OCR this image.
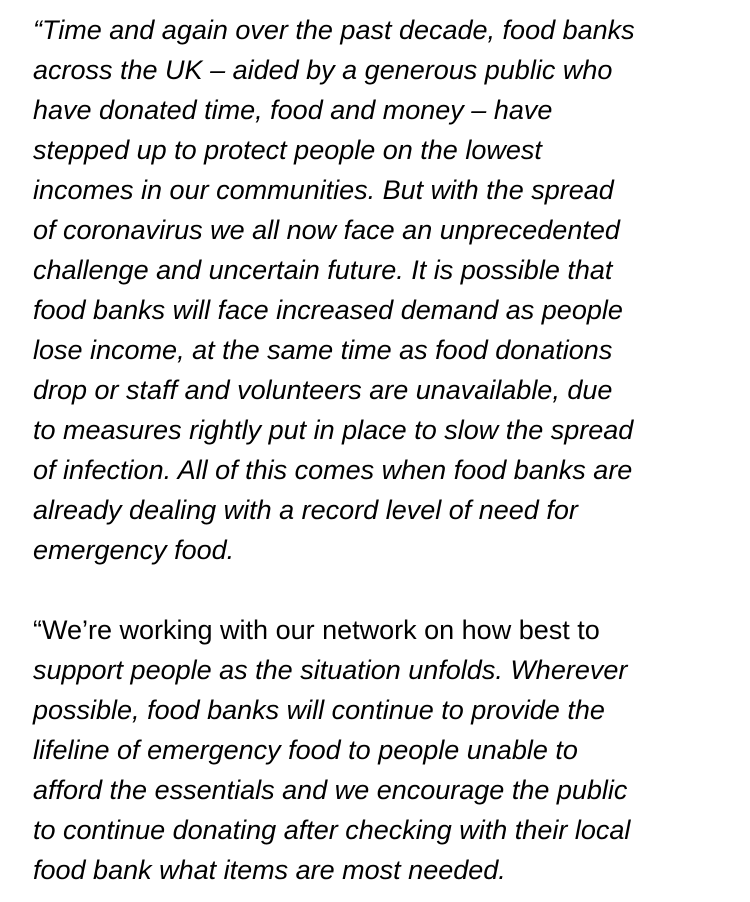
“Time and again over the past decade, food banks
across the UK – aided by a generous public who
have donated time, food and money – have
stepped up to protect people on the lowest
incomes in our communities. But with the spread
of coronavirus we all now face an unprecedented
challenge and uncertain future. It is possible that
food banks will face increased demand as people
lose income, at the same time as food donations
drop or staff and volunteers are unavailable, due
to measures rightly put in place to slow the spread
of infection. All of this comes when food banks are
already dealing with a record level of need for
emergency food.

“We’re working with our network on how best to
support people as the situation unfolds. Wherever
possible, food banks will continue to provide the
lifeline of emergency food to people unable to
afford the essentials and we encourage the public
to continue donating after checking with their local
food bank what items are most needed.
